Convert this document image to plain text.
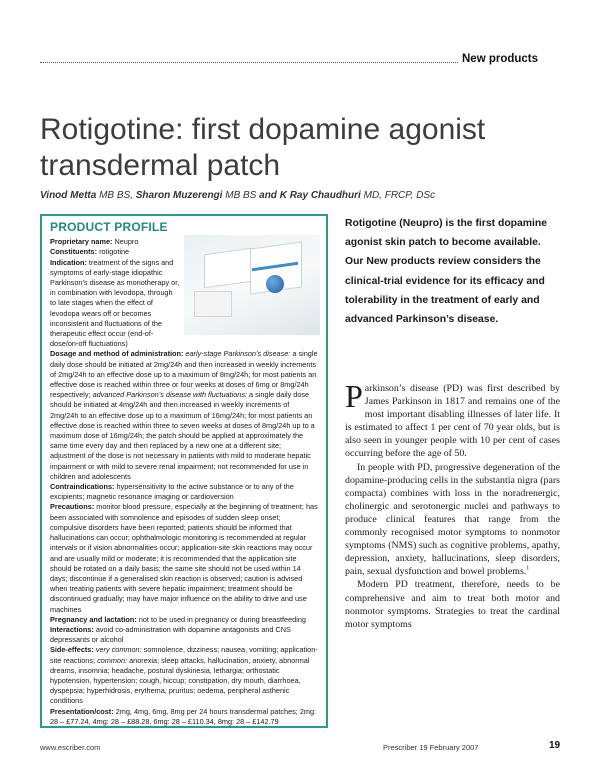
New products
Rotigotine: first dopamine agonist transdermal patch
Vinod Metta MB BS, Sharon Muzerengi MB BS and K Ray Chaudhuri MD, FRCP, DSc
PRODUCT PROFILE

Proprietary name: Neupro

Constituents: rotigotine

Indication: treatment of the signs and symptoms of early-stage idiopathic Parkinson’s disease as monotherapy or, in combination with levodopa, through to late stages when the effect of levodopa wears off or becomes inconsistent and fluctuations of the therapeutic effect occur (end-of-dose/on-off fluctuations)

Dosage and method of administration: early-stage Parkinson’s disease: a single daily dose should be initiated at 2mg/24h and then increased in weekly increments of 2mg/24h to an effective dose up to a maximum of 8mg/24h; for most patients an effective dose is reached within three or four weeks at doses of 6mg or 8mg/24h respectively; advanced Parkinson’s disease with fluctuations: a single daily dose should be initiated at 4mg/24h and then increased in weekly increments of 2mg/24h to an effective dose up to a maximum of 16mg/24h; for most patients an effective dose is reached within three to seven weeks at doses of 8mg/24h up to a maximum dose of 16mg/24h; the patch should be applied at approximately the same time every day and then replaced by a new one at a different site; adjustment of the dose is not necessary in patients with mild to moderate hepatic impairment or with mild to severe renal impairment; not recommended for use in children and adolescents

Contraindications: hypersensitivity to the active substance or to any of the excipients; magnetic resonance imaging or cardioversion

Precautions: monitor blood pressure, especially at the beginning of treatment; has been associated with somnolence and episodes of sudden sleep onset; compulsive disorders have been reported; patients should be informed that hallucinations can occur; ophthalmologic monitoring is recommended at regular intervals or if vision abnormalities occur; application-site skin reactions may occur and are usually mild or moderate; it is recommended that the application site should be rotated on a daily basis; the same site should not be used within 14 days; discontinue if a generalised skin reaction is observed; caution is advised when treating patients with severe hepatic impairment; treatment should be discontinued gradually; may have major influence on the ability to drive and use machines

Pregnancy and lactation: not to be used in pregnancy or during breastfeeding

Interactions: avoid co-administration with dopamine antagonists and CNS depressants or alcohol

Side-effects: very common: somnolence, dizziness; nausea, vomiting; application-site reactions; common: anorexia; sleep attacks, hallucination, anxiety, abnormal dreams, insomnia; headache, postural dyskinesia, lethargia; orthostatic hypotension, hypertension; cough, hiccup; constipation, dry mouth, diarrhoea, dyspepsia; hyperhidrosis, erythema, pruritus; oedema, peripheral asthenic conditions

Presentation/cost: 2mg, 4mg, 6mg, 8mg per 24 hours transdermal patches; 2mg: 28 – £77.24, 4mg: 28 – £88.28, 6mg: 28 – £110.34, 8mg: 28 – £142.79

Rotigotine (Neupro) is the first dopamine agonist skin patch to become available. Our New products review considers the clinical-trial evidence for its efficacy and tolerability in the treatment of early and advanced Parkinson’s disease.

Parkinson’s disease (PD) was first described by James Parkinson in 1817 and remains one of the most important disabling illnesses of later life. It is estimated to affect 1 per cent of 70 year olds, but is also seen in younger people with 10 per cent of cases occurring before the age of 50.

In people with PD, progressive degeneration of the dopamine-producing cells in the substantia nigra (pars compacta) combines with loss in the noradrenergic, cholinergic and serotonergic nuclei and pathways to produce clinical features that range from the commonly recognised motor symptoms to nonmotor symptoms (NMS) such as cognitive problems, apathy, depression, anxiety, hallucinations, sleep disorders, pain, sexual dysfunction and bowel problems.$^1$

Modern PD treatment, therefore, needs to be comprehensive and aim to treat both motor and nonmotor symptoms. Strategies to treat the cardinal motor symptoms

www.escriber.com	Prescriber 19 February 2007	19
